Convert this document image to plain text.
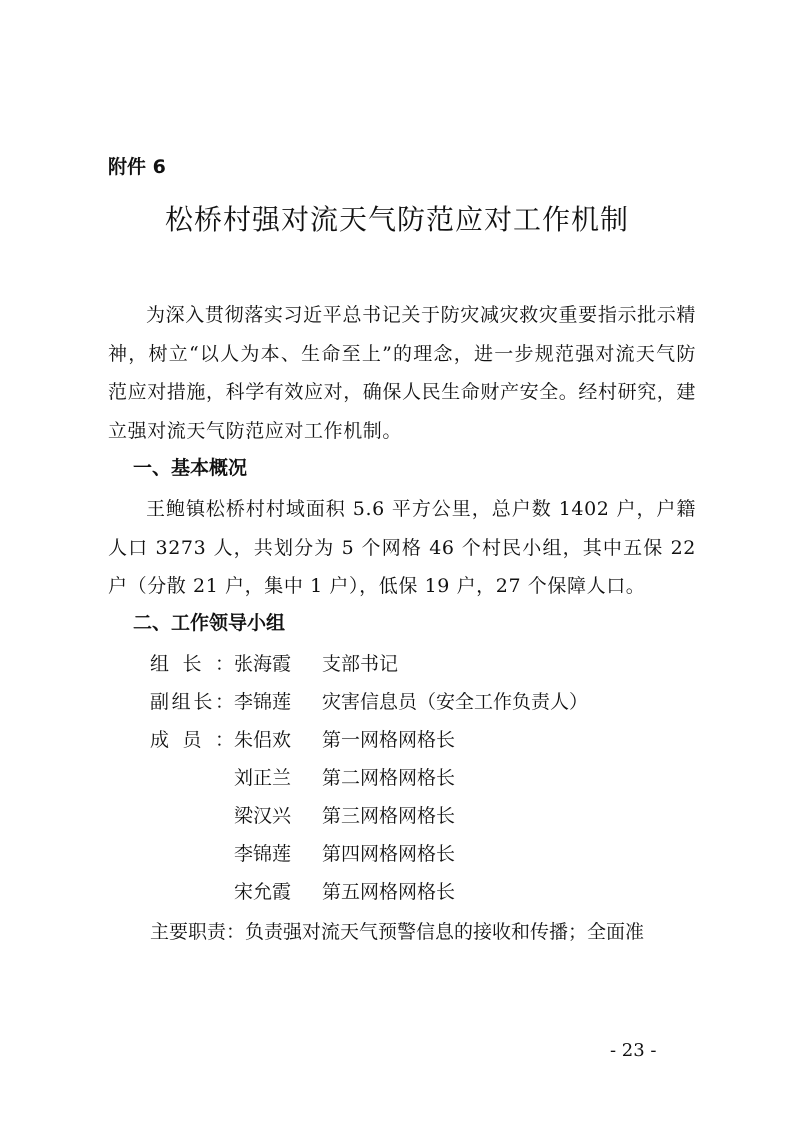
附件 6
松桥村强对流天气防范应对工作机制
为深入贯彻落实习近平总书记关于防灾减灾救灾重要指示批示精神，树立“以人为本、生命至上”的理念，进一步规范强对流天气防范应对措施，科学有效应对，确保人民生命财产安全。经村研究，建立强对流天气防范应对工作机制。
一、基本概况
王鲍镇松桥村村域面积 5.6 平方公里，总户数 1402 户，户籍人口 3273 人，共划分为 5 个网格 46 个村民小组，其中五保 22 户（分散 21 户，集中 1 户），低保 19 户，27 个保障人口。
二、工作领导小组
组长：张海霞 支部书记
副组长：李锦莲 灾害信息员（安全工作负责人）
成员：朱侣欢 第一网格网格长
刘正兰 第二网格网格长
梁汉兴 第三网格网格长
李锦莲 第四网格网格长
宋允霞 第五网格网格长
主要职责：负责强对流天气预警信息的接收和传播；全面准
- 23 -
